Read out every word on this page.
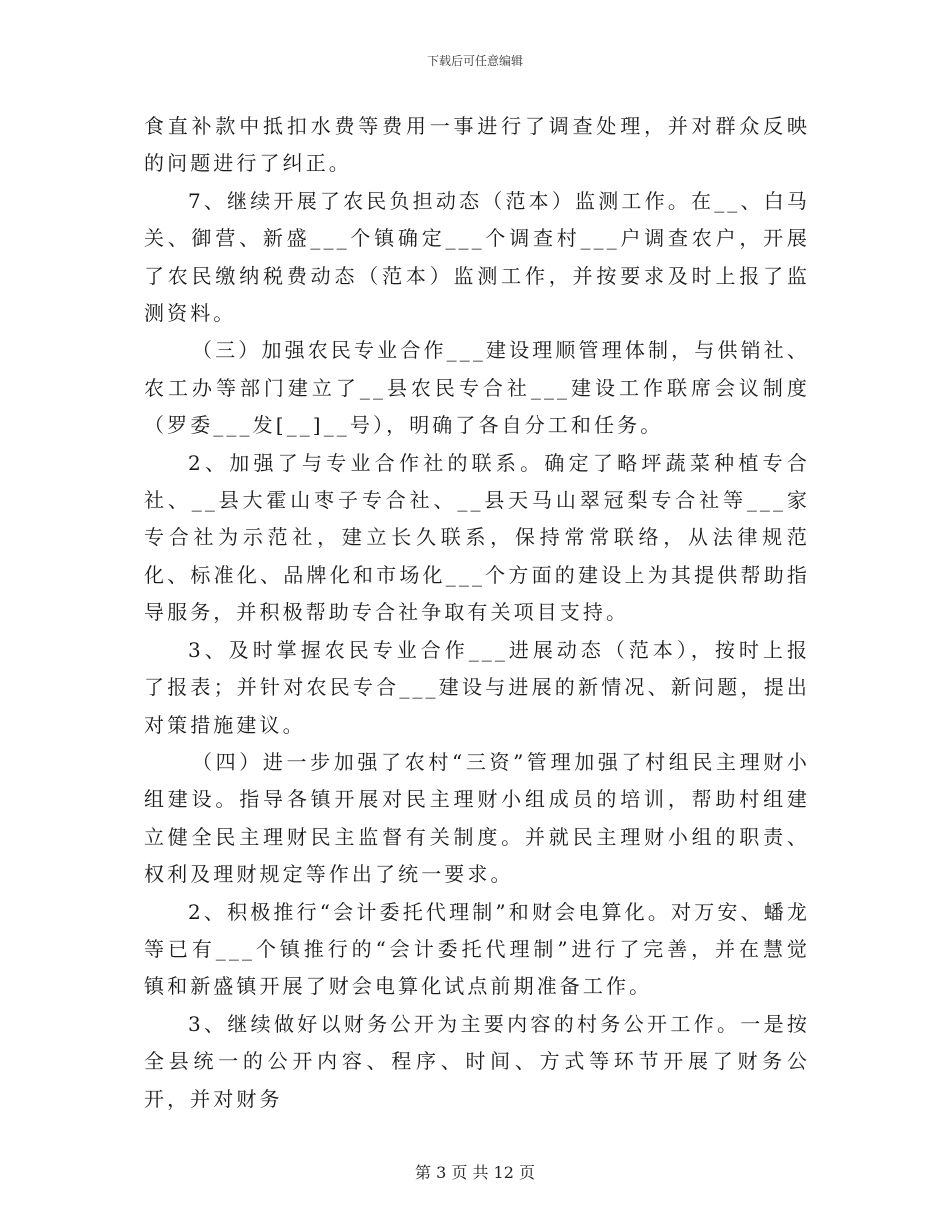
下载后可任意编辑

食直补款中抵扣水费等费用一事进行了调查处理，并对群众反映的问题进行了纠正。

7、继续开展了农民负担动态（范本）监测工作。在__、白马关、御营、新盛___个镇确定___个调查村___户调查农户，开展了农民缴纳税费动态（范本）监测工作，并按要求及时上报了监测资料。

（三）加强农民专业合作___建设理顺管理体制，与供销社、农工办等部门建立了__县农民专合社___建设工作联席会议制度（罗委___发[__]__号），明确了各自分工和任务。

2、加强了与专业合作社的联系。确定了略坪蔬菜种植专合社、__县大霍山枣子专合社、__县天马山翠冠梨专合社等___家专合社为示范社，建立长久联系，保持常常联络，从法律规范化、标准化、品牌化和市场化___个方面的建设上为其提供帮助指导服务，并积极帮助专合社争取有关项目支持。

3、及时掌握农民专业合作___进展动态（范本），按时上报了报表；并针对农民专合___建设与进展的新情况、新问题，提出对策措施建议。

（四）进一步加强了农村“三资”管理加强了村组民主理财小组建设。指导各镇开展对民主理财小组成员的培训，帮助村组建立健全民主理财民主监督有关制度。并就民主理财小组的职责、权利及理财规定等作出了统一要求。

2、积极推行“会计委托代理制”和财会电算化。对万安、蟠龙等已有___个镇推行的“会计委托代理制”进行了完善，并在慧觉镇和新盛镇开展了财会电算化试点前期准备工作。

3、继续做好以财务公开为主要内容的村务公开工作。一是按全县统一的公开内容、程序、时间、方式等环节开展了财务公开，并对财务

第 3 页 共 12 页
